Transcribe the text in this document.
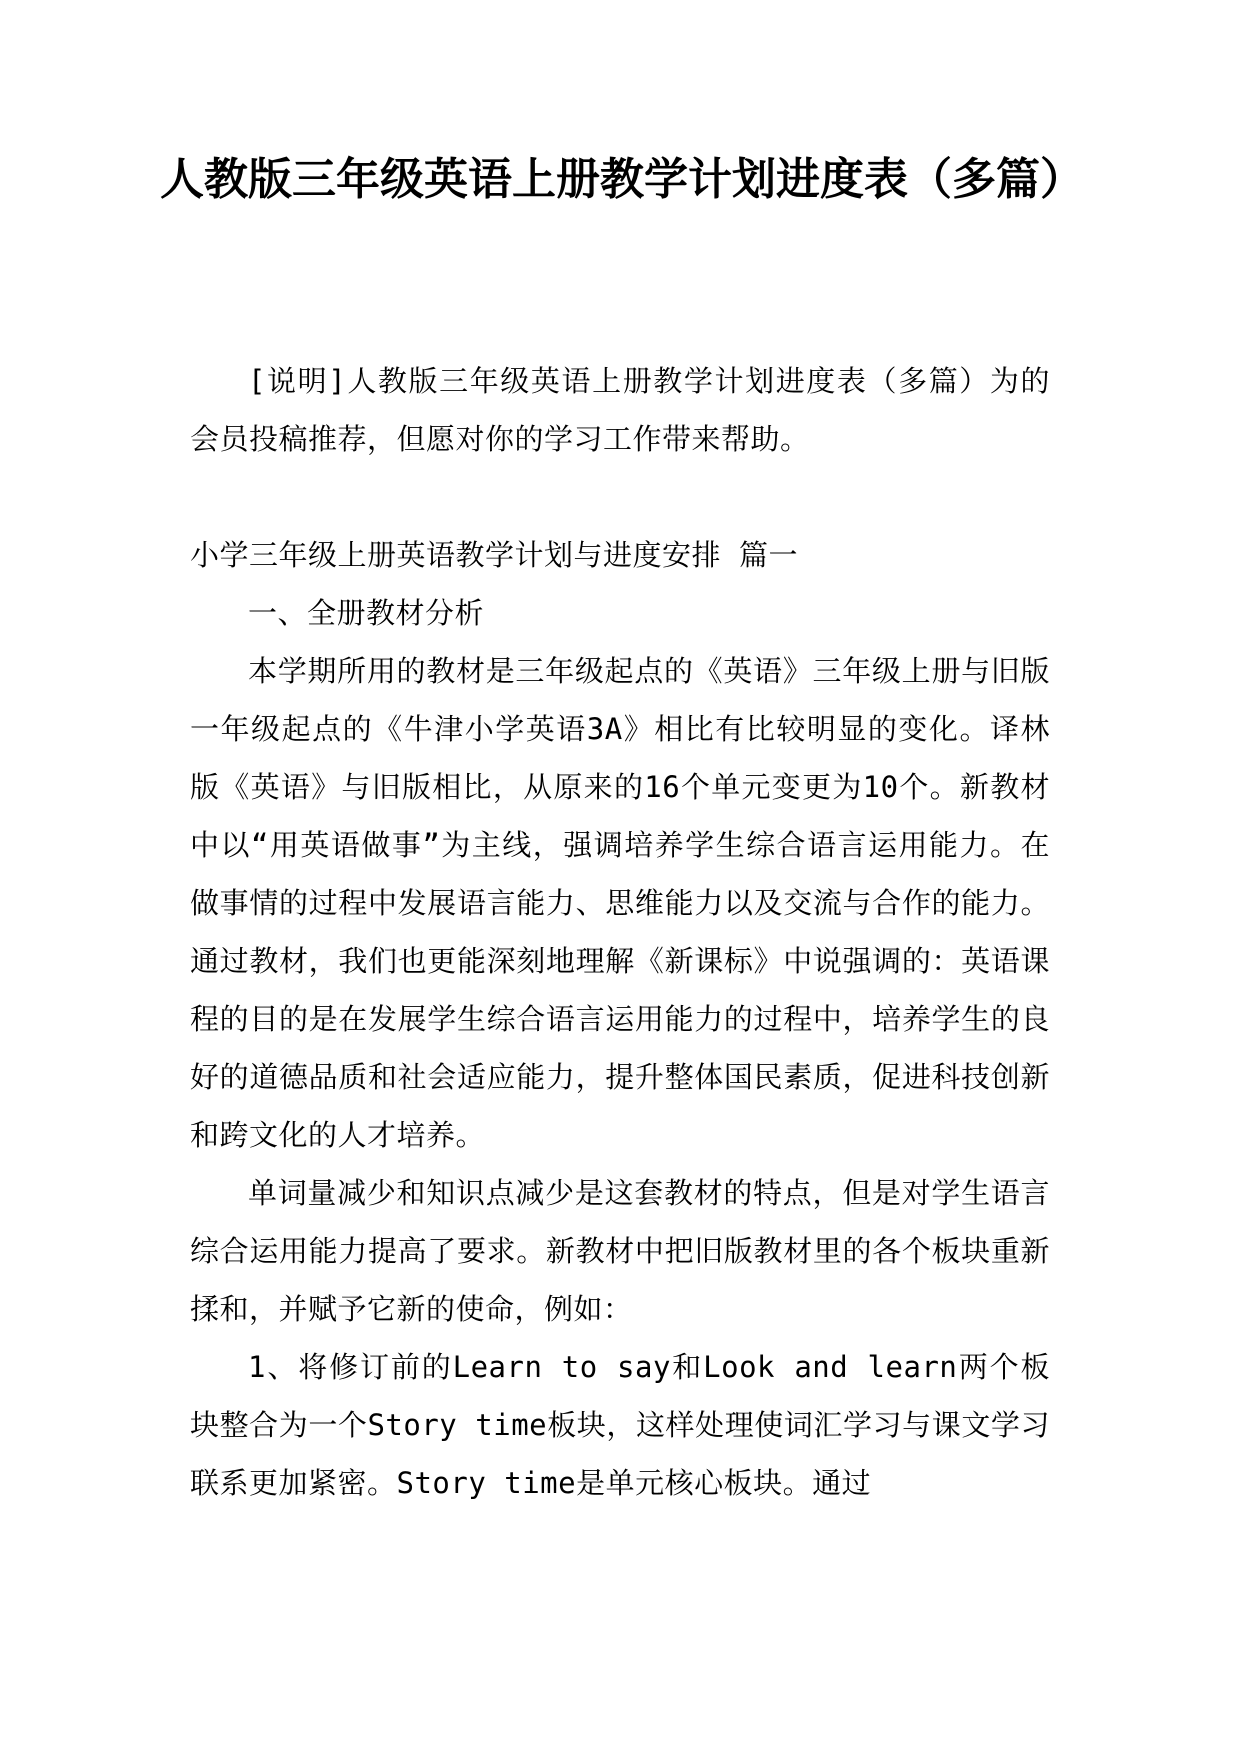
人教版三年级英语上册教学计划进度表（多篇）

[说明]人教版三年级英语上册教学计划进度表（多篇）为的会员投稿推荐，但愿对你的学习工作带来帮助。

小学三年级上册英语教学计划与进度安排 篇一

一、全册教材分析

本学期所用的教材是三年级起点的《英语》三年级上册与旧版一年级起点的《牛津小学英语3A》相比有比较明显的变化。译林版《英语》与旧版相比，从原来的16个单元变更为10个。新教材中以“用英语做事”为主线，强调培养学生综合语言运用能力。在做事情的过程中发展语言能力、思维能力以及交流与合作的能力。通过教材，我们也更能深刻地理解《新课标》中说强调的：英语课程的目的是在发展学生综合语言运用能力的过程中，培养学生的良好的道德品质和社会适应能力，提升整体国民素质，促进科技创新和跨文化的人才培养。

单词量减少和知识点减少是这套教材的特点，但是对学生语言综合运用能力提高了要求。新教材中把旧版教材里的各个板块重新揉和，并赋予它新的使命，例如：

1、将修订前的Learn to say和Look and learn两个板块整合为一个Story time板块，这样处理使词汇学习与课文学习联系更加紧密。Story time是单元核心板块。通过
